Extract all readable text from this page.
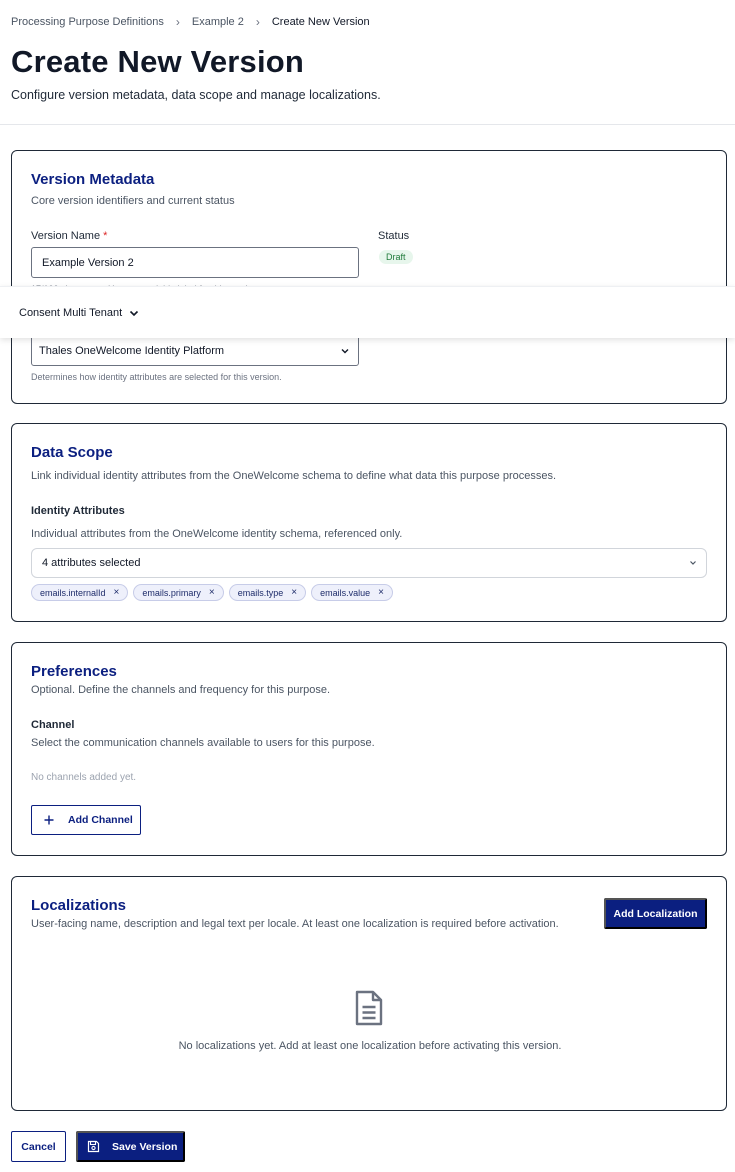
Processing Purpose Definitions	›	Example 2	›	Create New Version
Create New Version

Configure version metadata, data scope and manage localizations.

Version Metadata

Core version identifiers and current status

Version Name *
Example Version 2

Status
Draft
Thales OneWelcome Identity Platform

Determines how identity attributes are selected for this version.

Consent Multi Tenant
Data Scope

Link individual identity attributes from the OneWelcome schema to define what data this purpose processes.

Identity Attributes

Individual attributes from the OneWelcome identity schema, referenced only.

4 attributes selected
emails.internalId ×	emails.primary ×	emails.type ×	emails.value ×
Preferences

Optional. Define the channels and frequency for this purpose.

Channel

Select the communication channels available to users for this purpose.

No channels added yet.

Add Channel
Localizations

User-facing name, description and legal text per locale. At least one localization is required before activation.

Add Localization

No localizations yet. Add at least one localization before activating this version.

Cancel	Save Version
